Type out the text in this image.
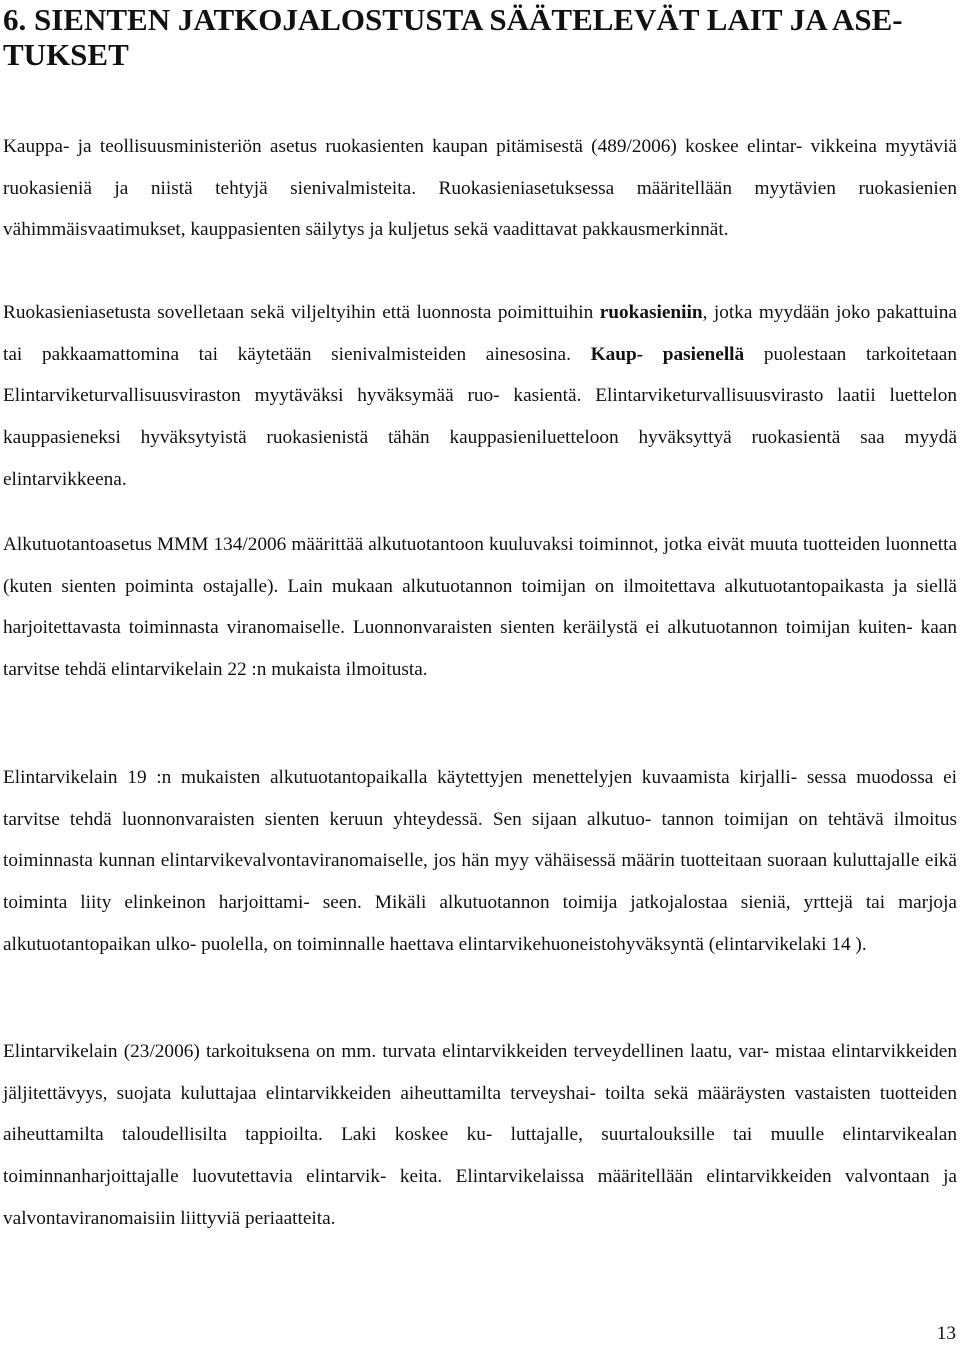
6. SIENTEN JATKOJALOSTUSTA SÄÄTELEVÄT LAIT JA ASE- TUKSET

Kauppa- ja teollisuusministeriön asetus ruokasienten kaupan pitämisestä (489/2006) koskee elintar- vikkeina myytäviä ruokasieniä ja niistä tehtyjä sienivalmisteita. Ruokasieniasetuksessa määritellään myytävien ruokasienien vähimmäisvaatimukset, kauppasienten säilytys ja kuljetus sekä vaadittavat pakkausmerkinnät.

Ruokasieniasetusta sovelletaan sekä viljeltyihin että luonnosta poimittuihin ruokasieniin, jotka myydään joko pakattuina tai pakkaamattomina tai käytetään sienivalmisteiden ainesosina. Kaup- pasienellä puolestaan tarkoitetaan Elintarviketurvallisuusviraston myytäväksi hyväksymää ruo- kasientä. Elintarviketurvallisuusvirasto laatii luettelon kauppasieneksi hyväksytyistä ruokasienistä tähän kauppasieniluetteloon hyväksyttyä ruokasientä saa myydä elintarvikkeena.

Alkutuotantoasetus MMM 134/2006 määrittää alkutuotantoon kuuluvaksi toiminnot, jotka eivät muuta tuotteiden luonnetta (kuten sienten poiminta ostajalle). Lain mukaan alkutuotannon toimijan on ilmoitettava alkutuotantopaikasta ja siellä harjoitettavasta toiminnasta viranomaiselle. Luonnonvaraisten sienten keräilystä ei alkutuotannon toimijan kuiten- kaan tarvitse tehdä elintarvikelain 22 :n mukaista ilmoitusta.

Elintarvikelain 19 :n mukaisten alkutuotantopaikalla käytettyjen menettelyjen kuvaamista kirjalli- sessa muodossa ei tarvitse tehdä luonnonvaraisten sienten keruun yhteydessä. Sen sijaan alkutuo- tannon toimijan on tehtävä ilmoitus toiminnasta kunnan elintarvikevalvontaviranomaiselle, jos hän myy vähäisessä määrin tuotteitaan suoraan kuluttajalle eikä toiminta liity elinkeinon harjoittami- seen. Mikäli alkutuotannon toimija jatkojalostaa sieniä, yrttejä tai marjoja alkutuotantopaikan ulko- puolella, on toiminnalle haettava elintarvikehuoneistohyväksyntä (elintarvikelaki 14 ).

Elintarvikelain (23/2006) tarkoituksena on mm. turvata elintarvikkeiden terveydellinen laatu, var- mistaa elintarvikkeiden jäljitettävyys, suojata kuluttajaa elintarvikkeiden aiheuttamilta terveyshai- toilta sekä määräysten vastaisten tuotteiden aiheuttamilta taloudellisilta tappioilta. Laki koskee ku- luttajalle, suurtalouksille tai muulle elintarvikealan toiminnanharjoittajalle luovutettavia elintarvik- keita. Elintarvikelaissa määritellään elintarvikkeiden valvontaan ja valvontaviranomaisiin liittyviä periaatteita.

13
